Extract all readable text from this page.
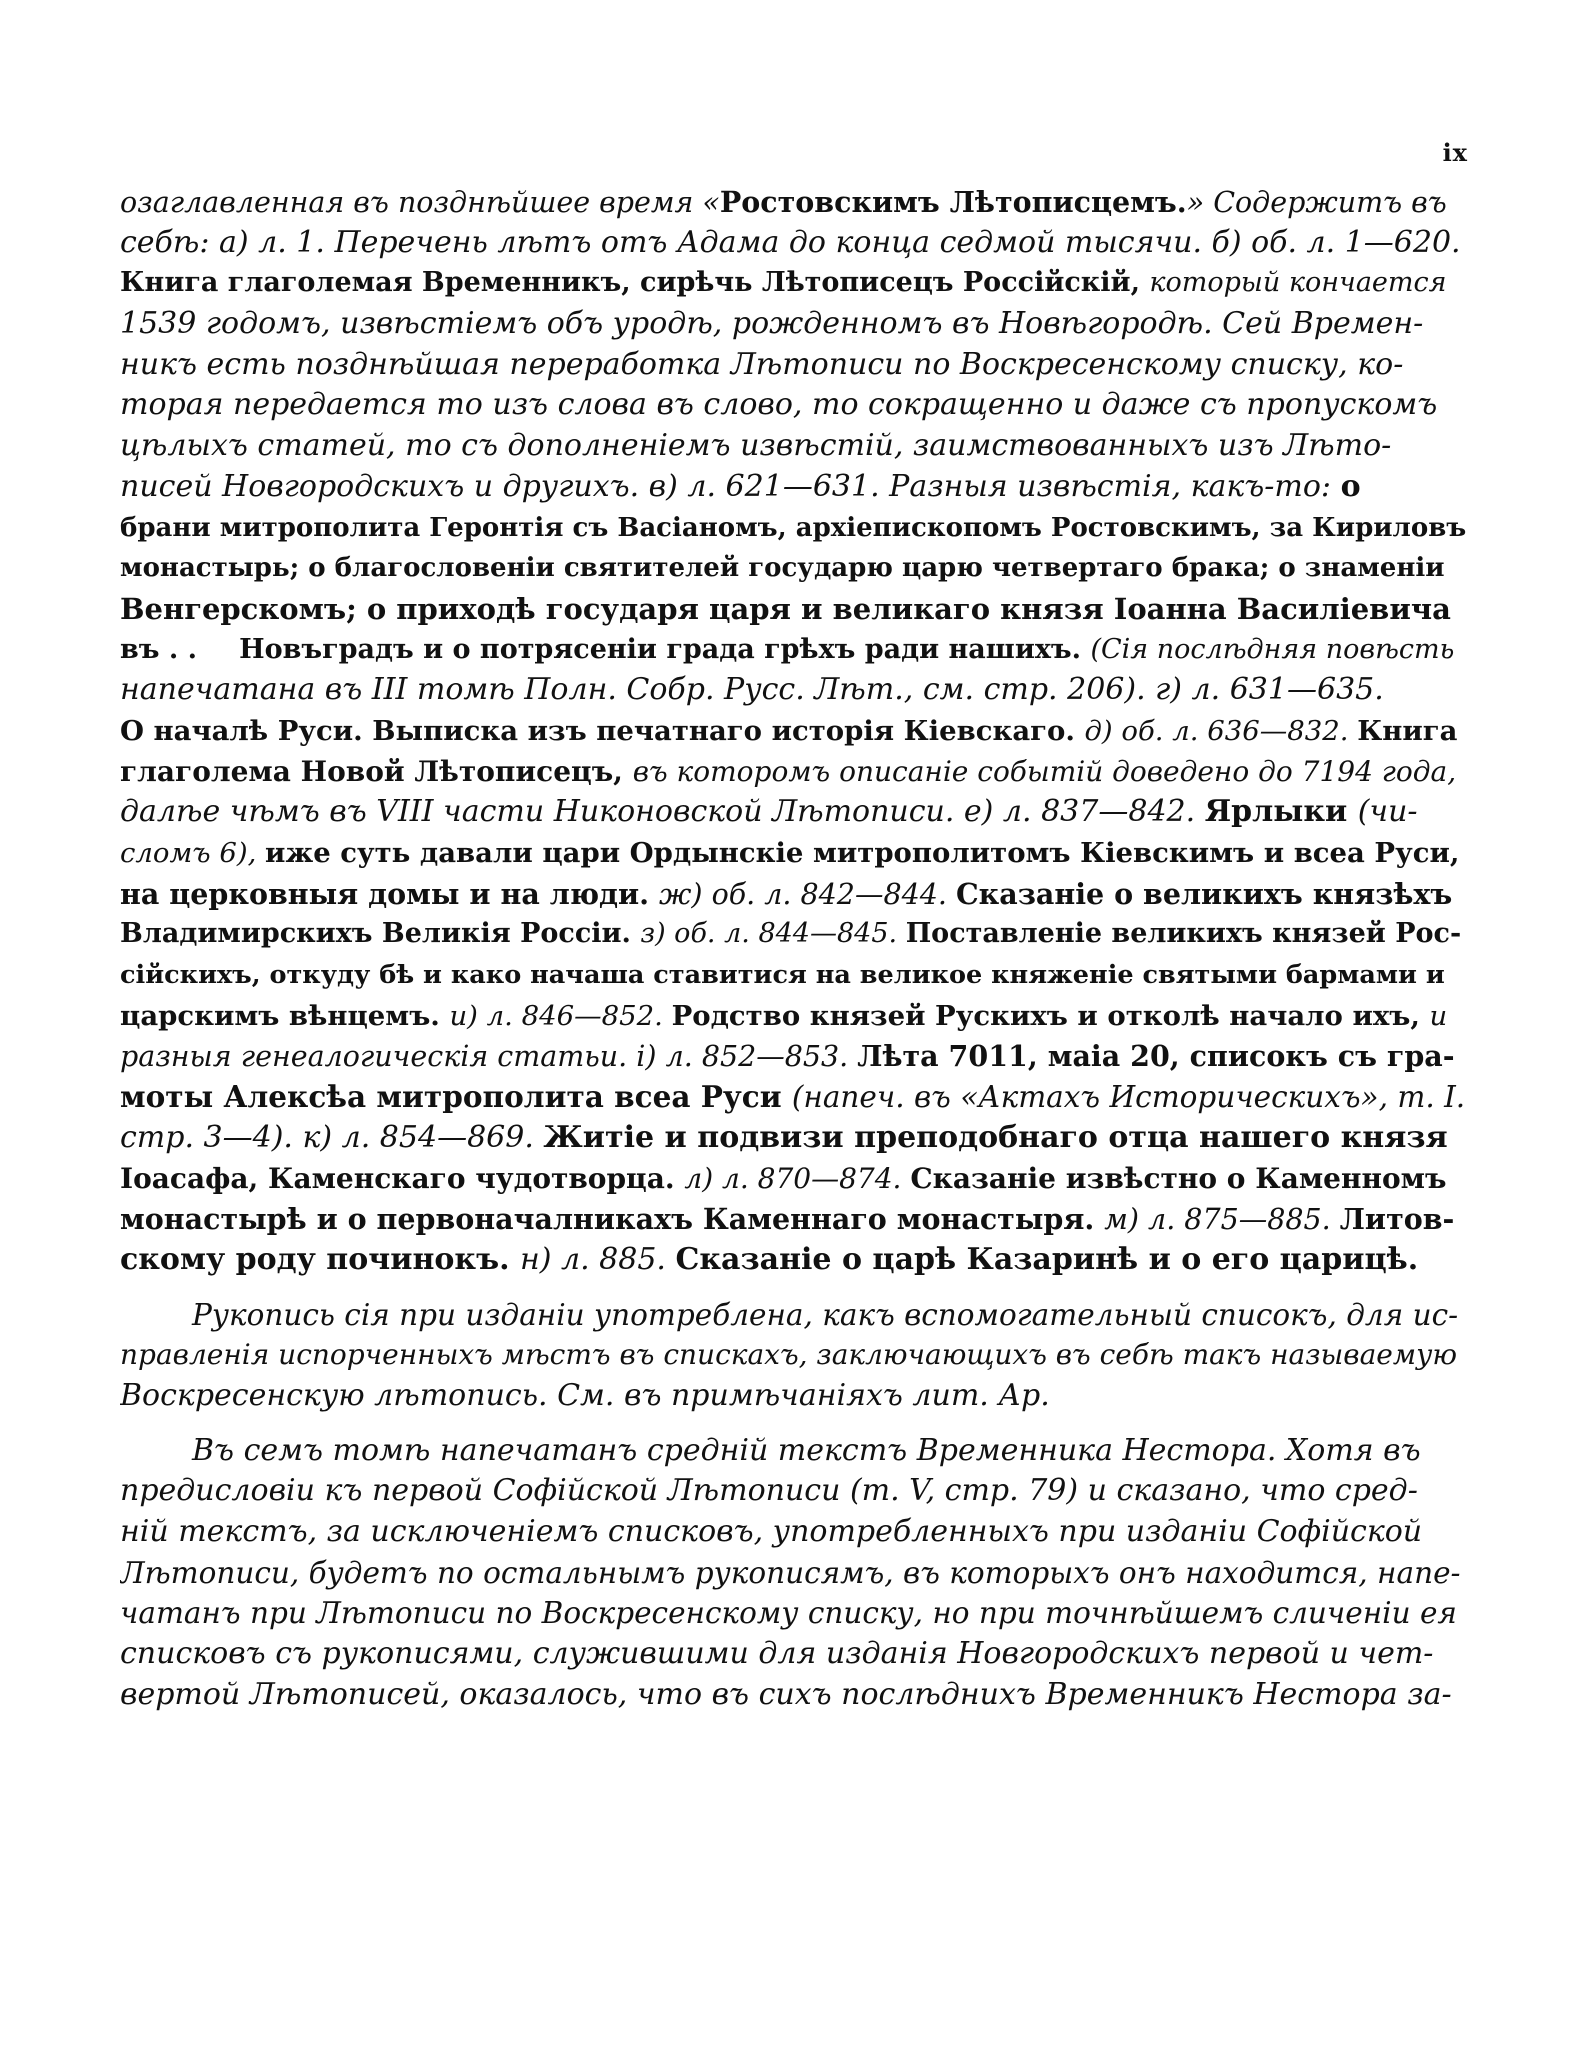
ix
озаглавленная въ позднѣйшее время «Ростовскимъ Лѣтописцемъ.» Содержитъ въ
себѣ: а) л. 1. Перечень лѣтъ отъ Адама до конца седмой тысячи. б) об. л. 1—620.
Книга глаголемая Временникъ, сирѣчь Лѣтописецъ Россійскій, который кончается
1539 годомъ, извѣстіемъ объ уродѣ, рожденномъ въ Новѣгородѣ. Сей Времен-
никъ есть позднѣйшая переработка Лѣтописи по Воскресенскому списку, ко-
торая передается то изъ слова въ слово, то сокращенно и даже съ пропускомъ
цѣлыхъ статей, то съ дополненіемъ извѣстій, заимствованныхъ изъ Лѣто-
писей Новгородскихъ и другихъ. в) л. 621—631. Разныя извѣстія, какъ-то: о
брани митрополита Геронтія съ Васіаномъ, архіепископомъ Ростовскимъ, за Кириловъ
монастырь; о благословеніи святителей государю царю четвертаго брака; о знаменіи
Венгерскомъ; о приходѣ государя царя и великаго князя Іоанна Василіевича
въ . . Новъградъ и о потрясеніи града грѣхъ ради нашихъ. (Сія послѣдняя повѣсть
напечатана въ III томѣ Полн. Собр. Русс. Лѣт., см. стр. 206). г) л. 631—635.
О началѣ Руси. Выписка изъ печатнаго исторія Кіевскаго. д) об. л. 636—832. Книга
глаголема Новой Лѣтописецъ, въ которомъ описаніе событій доведено до 7194 года,
далѣе чѣмъ въ VIII части Никоновской Лѣтописи. е) л. 837—842. Ярлыки (чи-
сломъ 6), иже суть давали цари Ордынскіе митрополитомъ Кіевскимъ и всеа Руси,
на церковныя домы и на люди. ж) об. л. 842—844. Сказаніе о великихъ князѣхъ
Владимирскихъ Великія Россіи. з) об. л. 844—845. Поставленіе великихъ князей Рос-
сійскихъ, откуду бѣ и како начаша ставитися на великое княженіе святыми бармами и
царскимъ вѣнцемъ. и) л. 846—852. Родство князей Рускихъ и отколѣ начало ихъ, и
разныя генеалогическія статьи. і) л. 852—853. Лѣта 7011, маіа 20, списокъ съ гра-
моты Алексѣа митрополита всеа Руси (напеч. въ «Актахъ Историческихъ», т. I.
стр. 3—4). к) л. 854—869. Житіе и подвизи преподобнаго отца нашего князя
Іоасафа, Каменскаго чудотворца. л) л. 870—874. Сказаніе извѣстно о Каменномъ
монастырѣ и о первоначалникахъ Каменнаго монастыря. м) л. 875—885. Литов-
скому роду починокъ. н) л. 885. Сказаніе о царѣ Казаринѣ и о его царицѣ.
Рукопись сія при изданіи употреблена, какъ вспомогательный списокъ, для ис-
правленія испорченныхъ мѣстъ въ спискахъ, заключающихъ въ себѣ такъ называемую
Воскресенскую лѣтопись. См. въ примѣчаніяхъ лит. Ар.
Въ семъ томѣ напечатанъ средній текстъ Временника Нестора. Хотя въ
предисловіи къ первой Софійской Лѣтописи (т. V, стр. 79) и сказано, что сред-
ній текстъ, за исключеніемъ списковъ, употребленныхъ при изданіи Софійской
Лѣтописи, будетъ по остальнымъ рукописямъ, въ которыхъ онъ находится, напе-
чатанъ при Лѣтописи по Воскресенскому списку, но при точнѣйшемъ сличеніи ея
списковъ съ рукописями, служившими для изданія Новгородскихъ первой и чет-
вертой Лѣтописей, оказалось, что въ сихъ послѣднихъ Временникъ Несторa за-
